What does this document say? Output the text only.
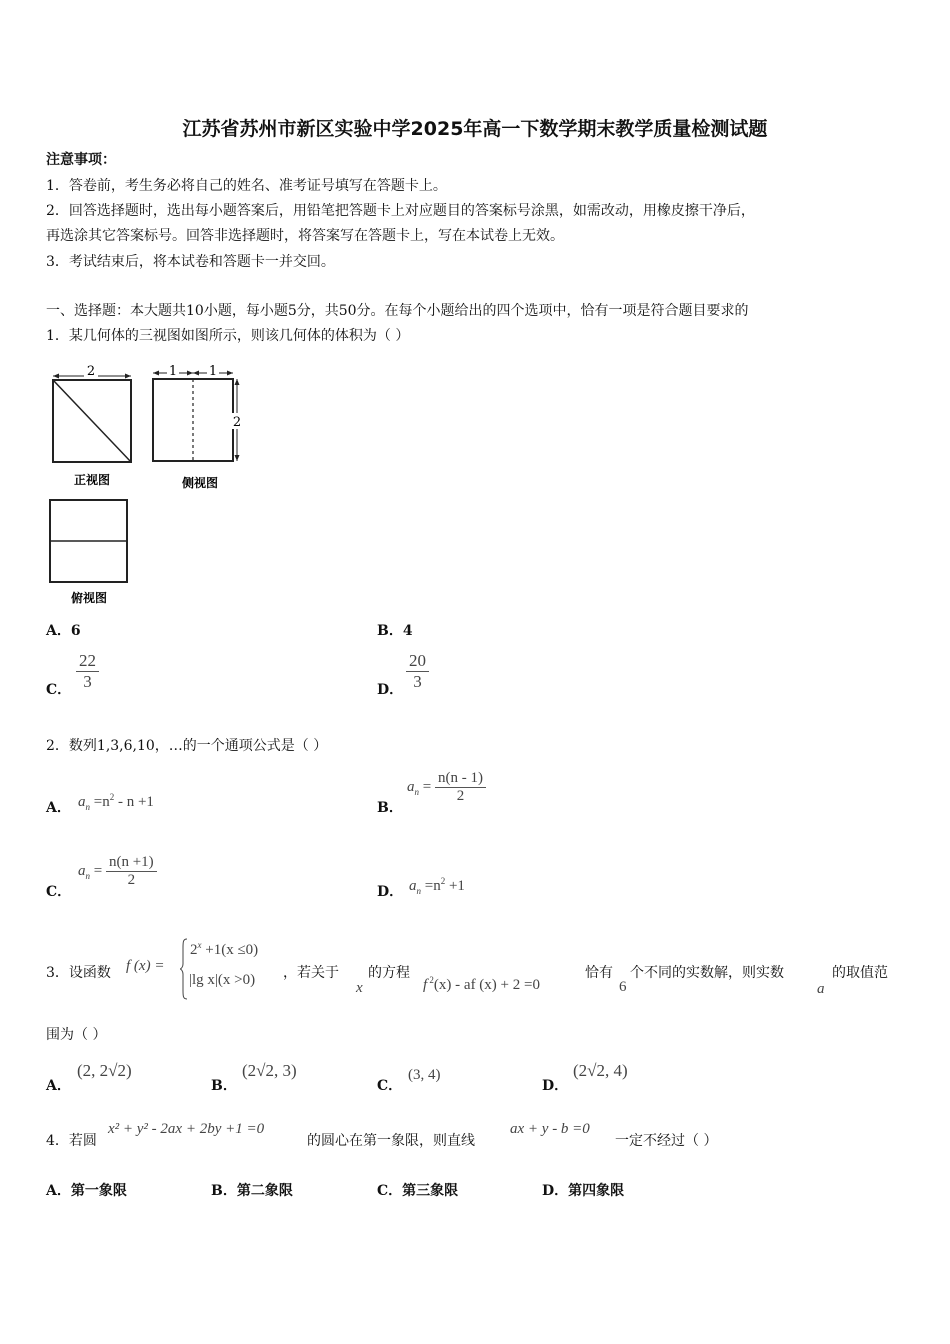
江苏省苏州市新区实验中学2025年高一下数学期末教学质量检测试题
注意事项：
1．答卷前，考生务必将自己的姓名、准考证号填写在答题卡上。
2．回答选择题时，选出每小题答案后，用铅笔把答题卡上对应题目的答案标号涂黑，如需改动，用橡皮擦干净后，
再选涂其它答案标号。回答非选择题时，将答案写在答题卡上，写在本试卷上无效。
3．考试结束后，将本试卷和答题卡一并交回。
一、选择题：本大题共10小题，每小题5分，共50分。在每个小题给出的四个选项中，恰有一项是符合题目要求的
1．某几何体的三视图如图所示，则该几何体的体积为（ ）
2
正视图
1 1
2
侧视图
俯视图
A．6	B．4
C． $\frac{22}{3}$	D． $\frac{20}{3}$
2．数列1,3,6,10，…的一个通项公式是（ ）
A． $a_n =n^2 - n +1$	B．
$a_n = \frac{n(n - 1)}{2}$
C．
$a_n = \frac{n(n +1)}{2}$
D． $a_n =n^2 +1$
3．设函数 f (x) =
$2^x +1(x \le 0)$
|lg x|(x >0) ，若关于
x
的方程
f $^2$(x) - af (x) + 2 =0
恰有
6
个不同的实数解，则实数
a
的取值范
围为（ ）
A．
(2, 2√2)
B．
(2√2, 3)
C．
(3, 4)
D．
(2√2, 4)
4．若圆
x² + y² - 2ax + 2by +1 =0
的圆心在第一象限，则直线
ax + y - b =0
一定不经过（ ）
A．第一象限	B．第二象限	C．第三象限	D．第四象限
